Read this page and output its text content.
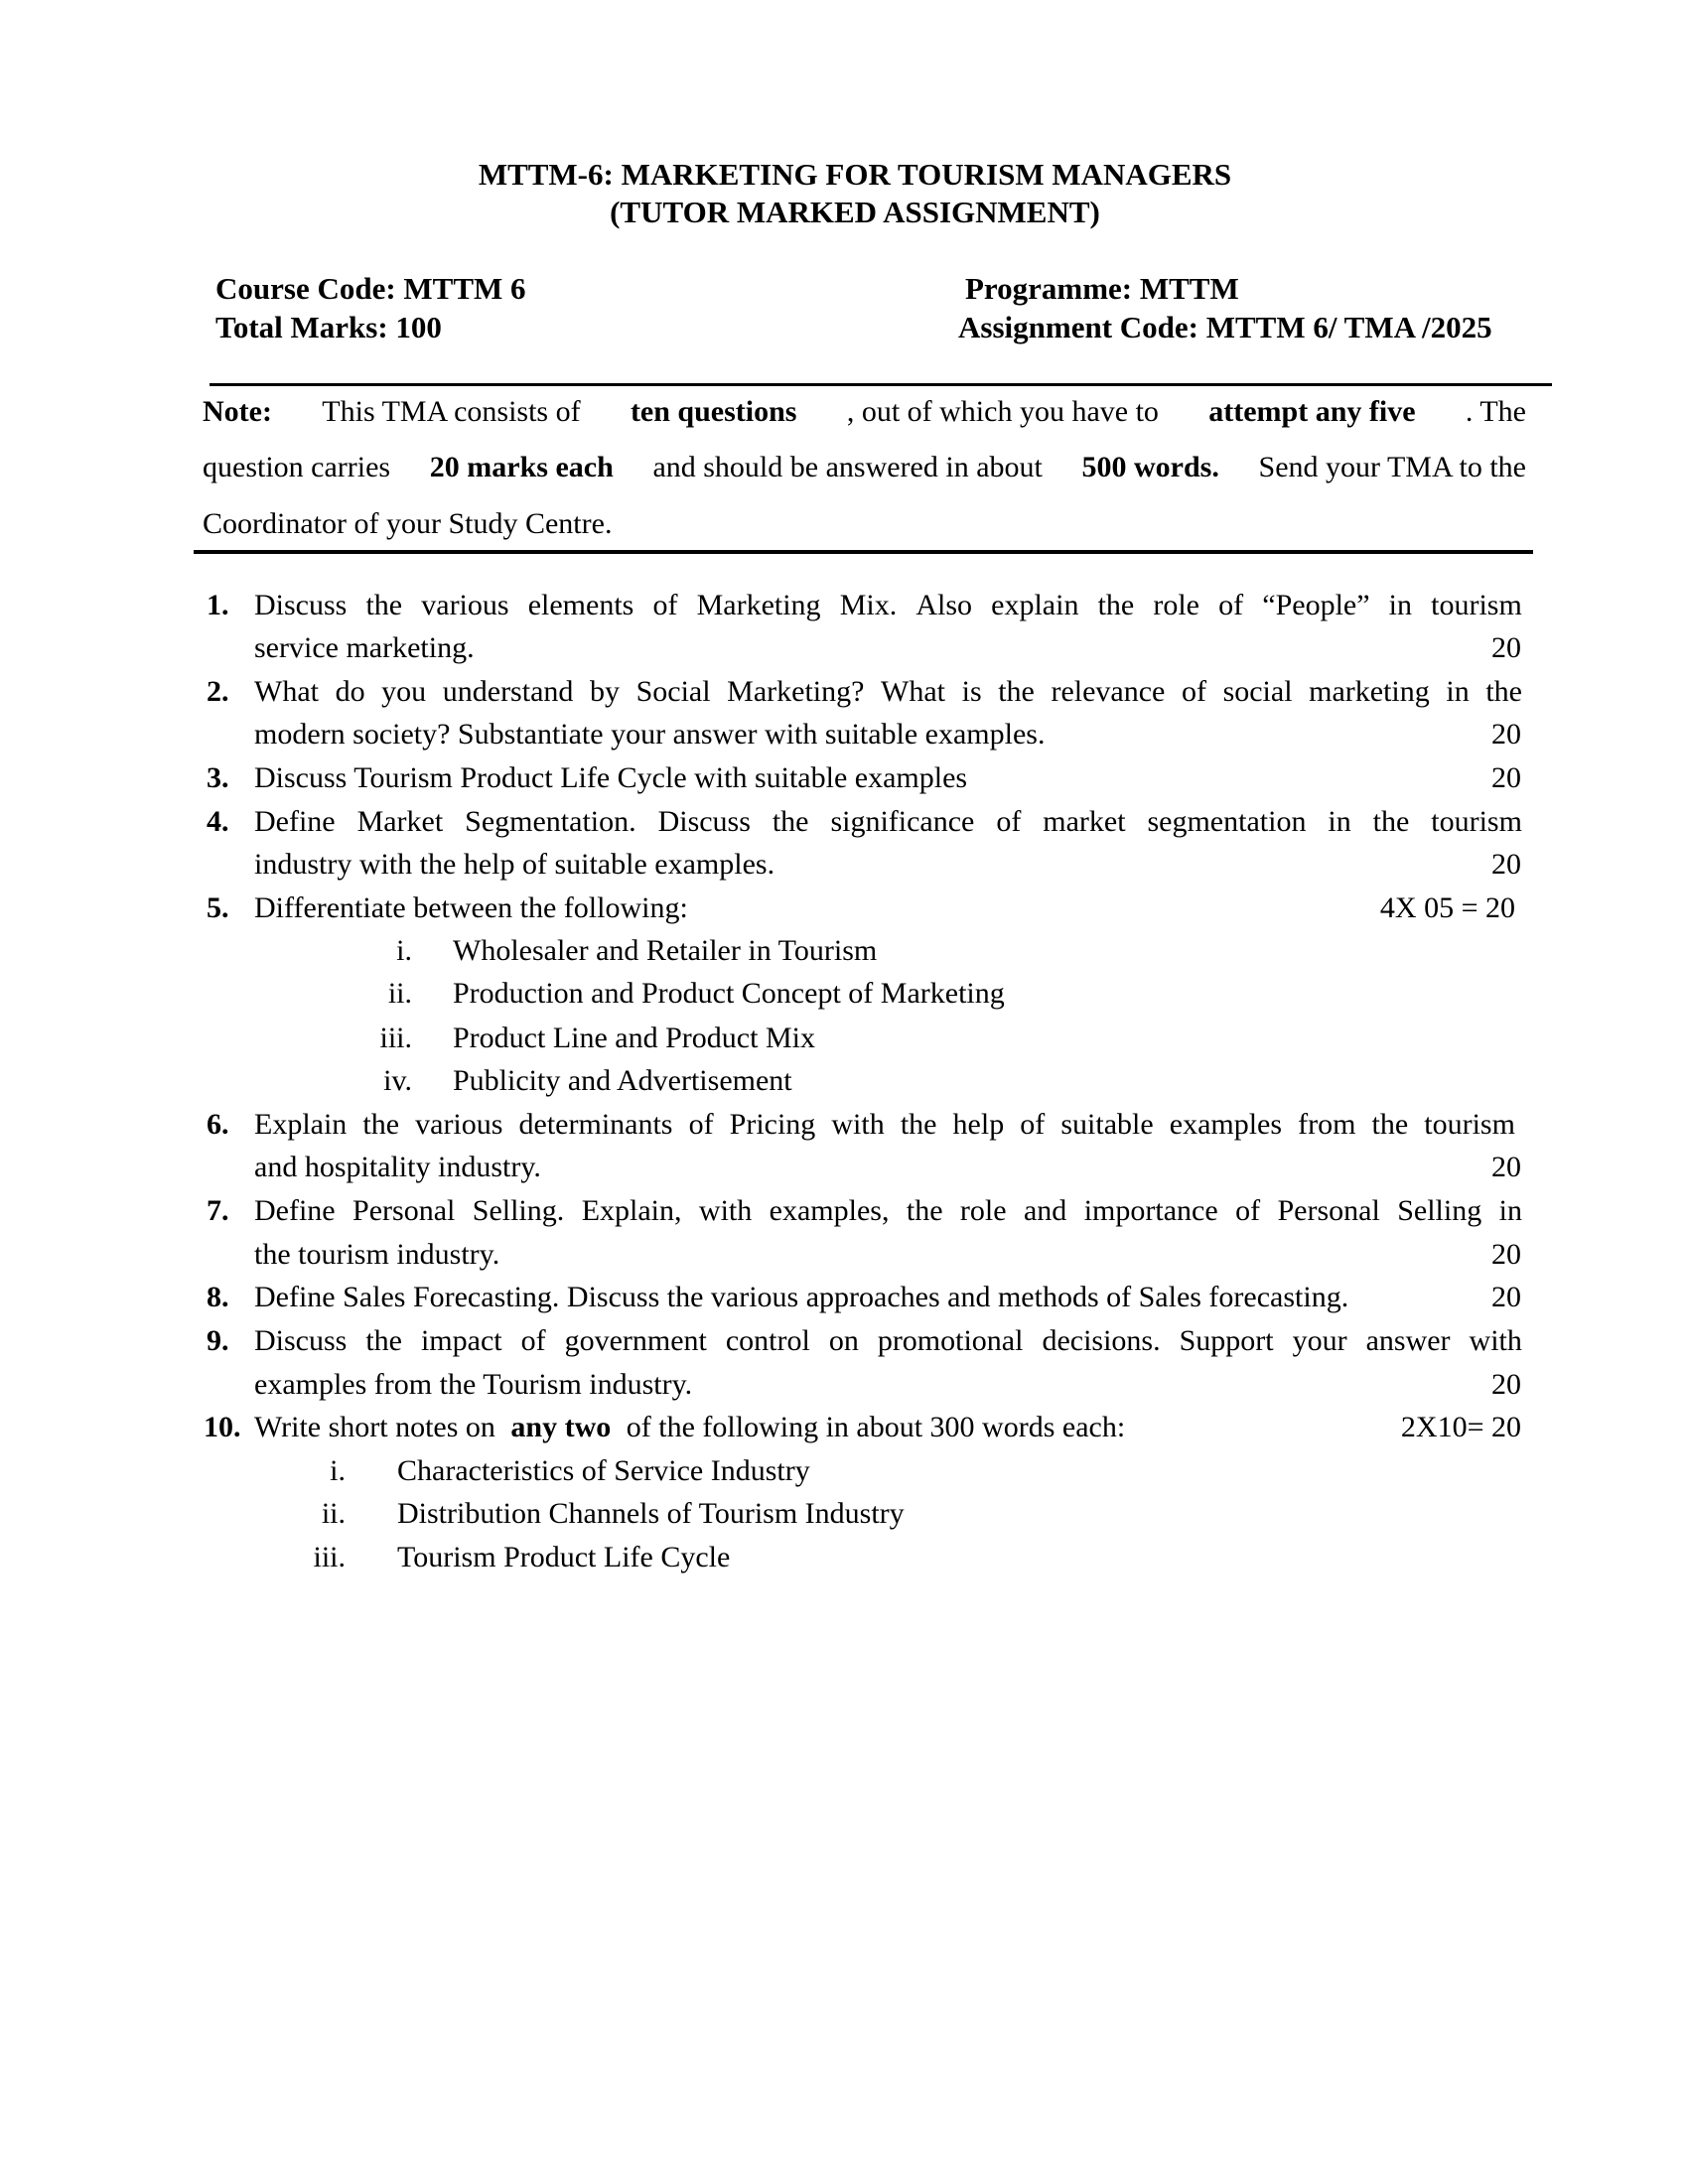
MTTM-6: MARKETING FOR TOURISM MANAGERS
(TUTOR MARKED ASSIGNMENT)
Course Code: MTTM 6	Programme: MTTM
Total Marks: 100	Assignment Code: MTTM 6/ TMA /2025
Note: This TMA consists of ten questions , out of which you have to attempt any five . The
question carries 20 marks each and should be answered in about 500 words. Send your TMA to the
Coordinator of your Study Centre.
1. Discuss the various elements of Marketing Mix. Also explain the role of “People” in tourism
service marketing.	20
2. What do you understand by Social Marketing? What is the relevance of social marketing in the
modern society? Substantiate your answer with suitable examples.	20
3. Discuss Tourism Product Life Cycle with suitable examples	20
4. Define Market Segmentation. Discuss the significance of market segmentation in the tourism
industry with the help of suitable examples.	20
5. Differentiate between the following:	4X 05 = 20
i. Wholesaler and Retailer in Tourism
ii. Production and Product Concept of Marketing
iii. Product Line and Product Mix
iv. Publicity and Advertisement
6. Explain the various determinants of Pricing with the help of suitable examples from the tourism
and hospitality industry.	20
7. Define Personal Selling. Explain, with examples, the role and importance of Personal Selling in
the tourism industry.	20
8. Define Sales Forecasting. Discuss the various approaches and methods of Sales forecasting.	20
9. Discuss the impact of government control on promotional decisions. Support your answer with
examples from the Tourism industry.	20
10. Write short notes on any two of the following in about 300 words each:	2X10= 20
i. Characteristics of Service Industry
ii. Distribution Channels of Tourism Industry
iii. Tourism Product Life Cycle
